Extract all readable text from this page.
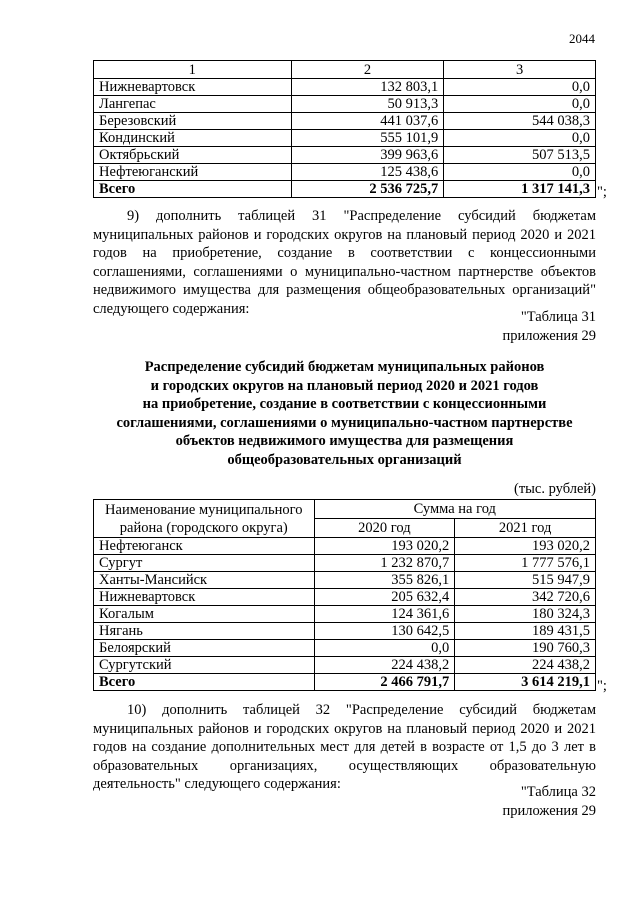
2044
1	2	3
Нижневартовск	132 803,1	0,0
Лангепас	50 913,3	0,0
Березовский	441 037,6	544 038,3
Кондинский	555 101,9	0,0
Октябрьский	399 963,6	507 513,5
Нефтеюганский	125 438,6	0,0
Всего	2 536 725,7	1 317 141,3 ";

9) дополнить таблицей 31 "Распределение субсидий бюджетам муниципальных районов и городских округов на плановый период 2020 и 2021 годов на приобретение, создание в соответствии с концессионными соглашениями, соглашениями о муниципально-частном партнерстве объектов недвижимого имущества для размещения общеобразовательных организаций" следующего содержания:

"Таблица 31
приложения 29
Распределение субсидий бюджетам муниципальных районов
и городских округов на плановый период 2020 и 2021 годов
на приобретение, создание в соответствии с концессионными
соглашениями, соглашениями о муниципально-частном партнерстве
объектов недвижимого имущества для размещения
общеобразовательных организаций
(тыс. рублей)
Наименование муниципального района (городского округа)	Сумма на год	
	2020 год	2021 год
Нефтеюганск	193 020,2	193 020,2
Сургут	1 232 870,7	1 777 576,1
Ханты-Мансийск	355 826,1	515 947,9
Нижневартовск	205 632,4	342 720,6
Когалым	124 361,6	180 324,3
Нягань	130 642,5	189 431,5
Белоярский	0,0	190 760,3
Сургутский	224 438,2	224 438,2
Всего	2 466 791,7	3 614 219,1 ";

10) дополнить таблицей 32 "Распределение субсидий бюджетам муниципальных районов и городских округов на плановый период 2020 и 2021 годов на создание дополнительных мест для детей в возрасте от 1,5 до 3 лет в образовательных организациях, осуществляющих образовательную деятельность" следующего содержания:	"Таблица 32
приложения 29
